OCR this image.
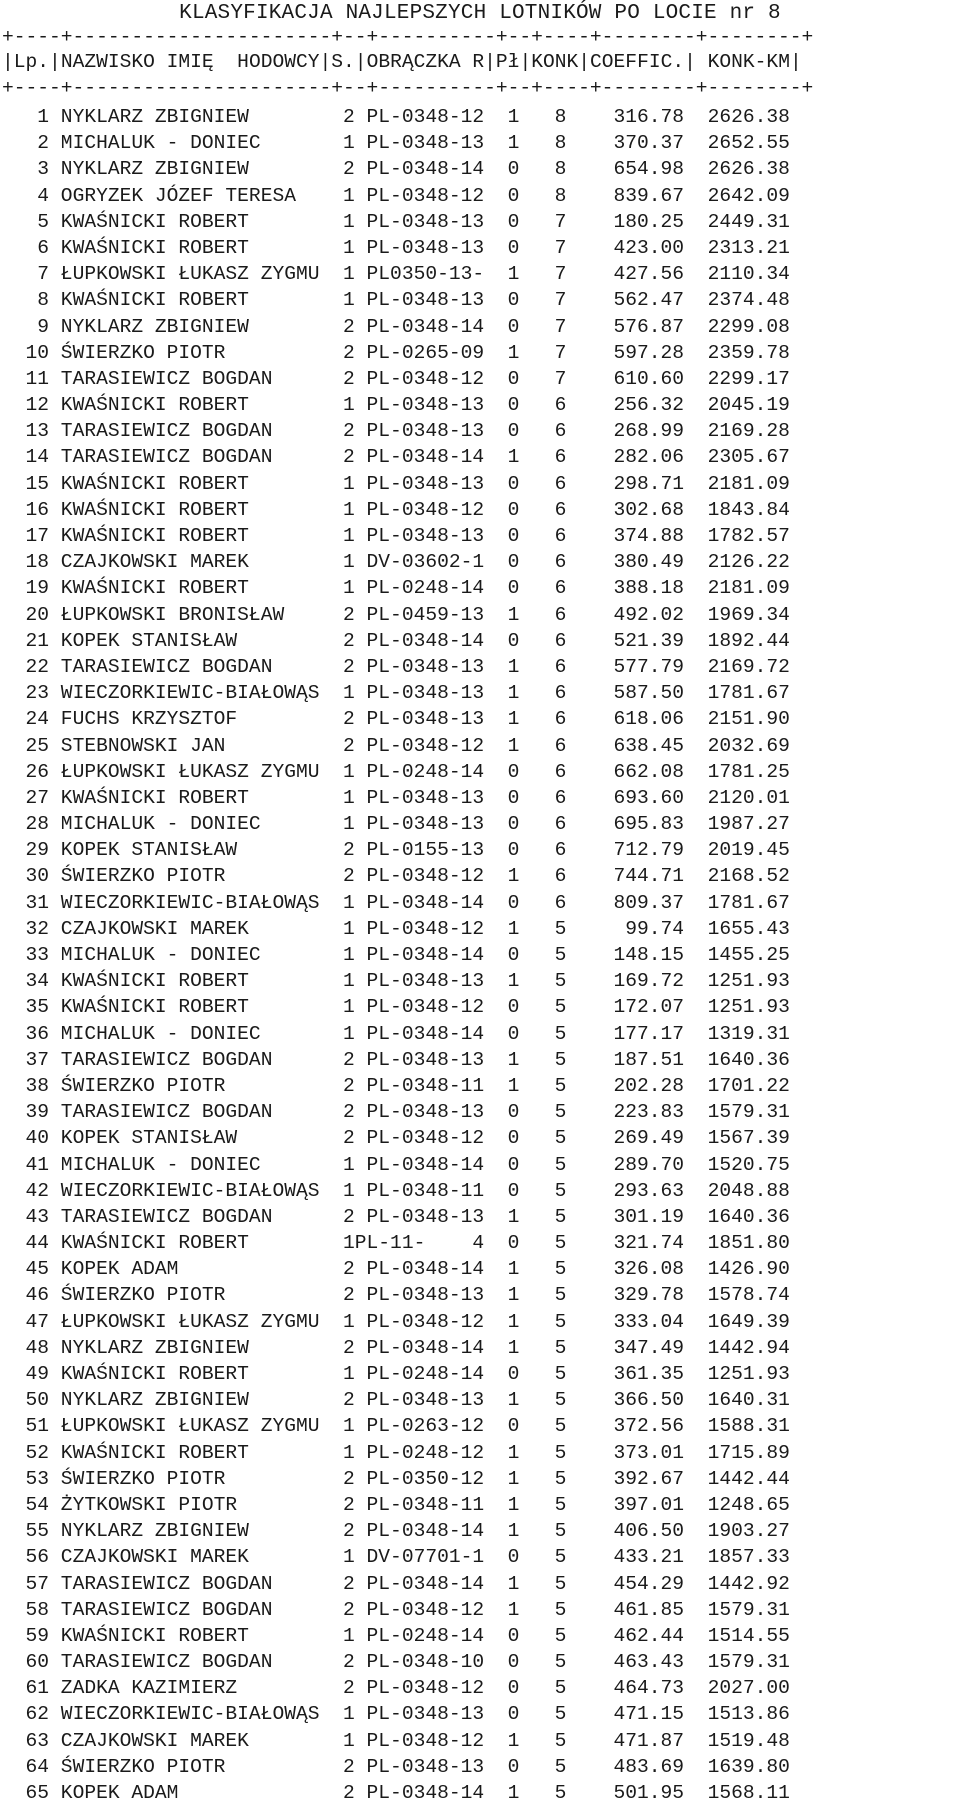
KLASYFIKACJA NAJLEPSZYCH LOTNIKÓW PO LOCIE nr 8
+----+----------------------+--+----------+--+----+--------+--------+
|Lp.|NAZWISKO IMIĘ  HODOWCY|S.|OBRĄCZKA R|Pł|KONK|COEFFIC.| KONK-KM|
+----+----------------------+--+----------+--+----+--------+--------+
1 NYKLARZ ZBIGNIEW        2 PL-0348-12  1   8    316.78  2626.38
2 MICHALUK - DONIEC       1 PL-0348-13  1   8    370.37  2652.55
3 NYKLARZ ZBIGNIEW        2 PL-0348-14  0   8    654.98  2626.38
4 OGRYZEK JÓZEF TERESA    1 PL-0348-12  0   8    839.67  2642.09
5 KWAŚNICKI ROBERT        1 PL-0348-13  0   7    180.25  2449.31
6 KWAŚNICKI ROBERT        1 PL-0348-13  0   7    423.00  2313.21
7 ŁUPKOWSKI ŁUKASZ ZYGMU  1 PL0350-13-  1   7    427.56  2110.34
8 KWAŚNICKI ROBERT        1 PL-0348-13  0   7    562.47  2374.48
9 NYKLARZ ZBIGNIEW        2 PL-0348-14  0   7    576.87  2299.08
10 ŚWIERZKO PIOTR          2 PL-0265-09  1   7    597.28  2359.78
11 TARASIEWICZ BOGDAN      2 PL-0348-12  0   7    610.60  2299.17
12 KWAŚNICKI ROBERT        1 PL-0348-13  0   6    256.32  2045.19
13 TARASIEWICZ BOGDAN      2 PL-0348-13  0   6    268.99  2169.28
14 TARASIEWICZ BOGDAN      2 PL-0348-14  1   6    282.06  2305.67
15 KWAŚNICKI ROBERT        1 PL-0348-13  0   6    298.71  2181.09
16 KWAŚNICKI ROBERT        1 PL-0348-12  0   6    302.68  1843.84
17 KWAŚNICKI ROBERT        1 PL-0348-13  0   6    374.88  1782.57
18 CZAJKOWSKI MAREK        1 DV-03602-1  0   6    380.49  2126.22
19 KWAŚNICKI ROBERT        1 PL-0248-14  0   6    388.18  2181.09
20 ŁUPKOWSKI BRONISŁAW     2 PL-0459-13  1   6    492.02  1969.34
21 KOPEK STANISŁAW         2 PL-0348-14  0   6    521.39  1892.44
22 TARASIEWICZ BOGDAN      2 PL-0348-13  1   6    577.79  2169.72
23 WIECZORKIEWIC-BIAŁOWĄS  1 PL-0348-13  1   6    587.50  1781.67
24 FUCHS KRZYSZTOF         2 PL-0348-13  1   6    618.06  2151.90
25 STEBNOWSKI JAN          2 PL-0348-12  1   6    638.45  2032.69
26 ŁUPKOWSKI ŁUKASZ ZYGMU  1 PL-0248-14  0   6    662.08  1781.25
27 KWAŚNICKI ROBERT        1 PL-0348-13  0   6    693.60  2120.01
28 MICHALUK - DONIEC       1 PL-0348-13  0   6    695.83  1987.27
29 KOPEK STANISŁAW         2 PL-0155-13  0   6    712.79  2019.45
30 ŚWIERZKO PIOTR          2 PL-0348-12  1   6    744.71  2168.52
31 WIECZORKIEWIC-BIAŁOWĄS  1 PL-0348-14  0   6    809.37  1781.67
32 CZAJKOWSKI MAREK        1 PL-0348-12  1   5     99.74  1655.43
33 MICHALUK - DONIEC       1 PL-0348-14  0   5    148.15  1455.25
34 KWAŚNICKI ROBERT        1 PL-0348-13  1   5    169.72  1251.93
35 KWAŚNICKI ROBERT        1 PL-0348-12  0   5    172.07  1251.93
36 MICHALUK - DONIEC       1 PL-0348-14  0   5    177.17  1319.31
37 TARASIEWICZ BOGDAN      2 PL-0348-13  1   5    187.51  1640.36
38 ŚWIERZKO PIOTR          2 PL-0348-11  1   5    202.28  1701.22
39 TARASIEWICZ BOGDAN      2 PL-0348-13  0   5    223.83  1579.31
40 KOPEK STANISŁAW         2 PL-0348-12  0   5    269.49  1567.39
41 MICHALUK - DONIEC       1 PL-0348-14  0   5    289.70  1520.75
42 WIECZORKIEWIC-BIAŁOWĄS  1 PL-0348-11  0   5    293.63  2048.88
43 TARASIEWICZ BOGDAN      2 PL-0348-13  1   5    301.19  1640.36
44 KWAŚNICKI ROBERT        1PL-11-    4  0   5    321.74  1851.80
45 KOPEK ADAM              2 PL-0348-14  1   5    326.08  1426.90
46 ŚWIERZKO PIOTR          2 PL-0348-13  1   5    329.78  1578.74
47 ŁUPKOWSKI ŁUKASZ ZYGMU  1 PL-0348-12  1   5    333.04  1649.39
48 NYKLARZ ZBIGNIEW        2 PL-0348-14  1   5    347.49  1442.94
49 KWAŚNICKI ROBERT        1 PL-0248-14  0   5    361.35  1251.93
50 NYKLARZ ZBIGNIEW        2 PL-0348-13  1   5    366.50  1640.31
51 ŁUPKOWSKI ŁUKASZ ZYGMU  1 PL-0263-12  0   5    372.56  1588.31
52 KWAŚNICKI ROBERT        1 PL-0248-12  1   5    373.01  1715.89
53 ŚWIERZKO PIOTR          2 PL-0350-12  1   5    392.67  1442.44
54 ŻYTKOWSKI PIOTR         2 PL-0348-11  1   5    397.01  1248.65
55 NYKLARZ ZBIGNIEW        2 PL-0348-14  1   5    406.50  1903.27
56 CZAJKOWSKI MAREK        1 DV-07701-1  0   5    433.21  1857.33
57 TARASIEWICZ BOGDAN      2 PL-0348-14  1   5    454.29  1442.92
58 TARASIEWICZ BOGDAN      2 PL-0348-12  1   5    461.85  1579.31
59 KWAŚNICKI ROBERT        1 PL-0248-14  0   5    462.44  1514.55
60 TARASIEWICZ BOGDAN      2 PL-0348-10  0   5    463.43  1579.31
61 ZADKA KAZIMIERZ         2 PL-0348-12  0   5    464.73  2027.00
62 WIECZORKIEWIC-BIAŁOWĄS  1 PL-0348-13  0   5    471.15  1513.86
63 CZAJKOWSKI MAREK        1 PL-0348-12  1   5    471.87  1519.48
64 ŚWIERZKO PIOTR          2 PL-0348-13  0   5    483.69  1639.80
65 KOPEK ADAM              2 PL-0348-14  1   5    501.95  1568.11
